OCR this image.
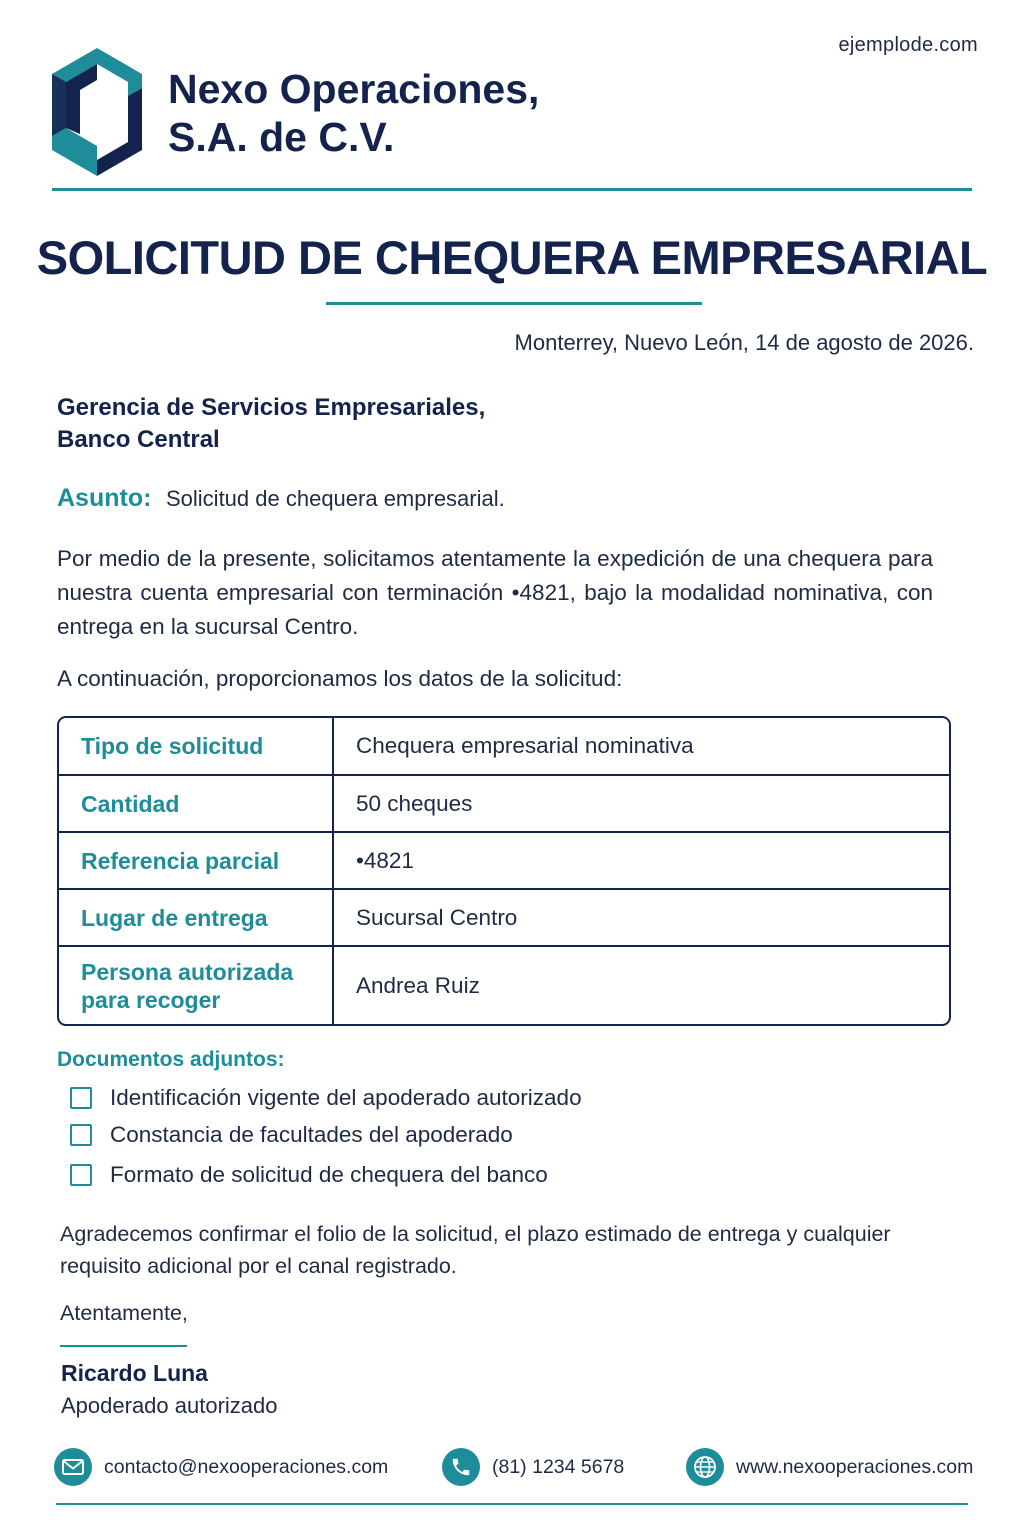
ejemplode.com
Nexo Operaciones,
S.A. de C.V.
SOLICITUD DE CHEQUERA EMPRESARIAL
Monterrey, Nuevo León, 14 de agosto de 2026.
Gerencia de Servicios Empresariales,
Banco Central
Asunto: Solicitud de chequera empresarial.
Por medio de la presente, solicitamos atentamente la expedición de una chequera para nuestra cuenta empresarial con terminación •4821, bajo la modalidad nominativa, con entrega en la sucursal Centro.
A continuación, proporcionamos los datos de la solicitud:
Tipo de solicitud	Chequera empresarial nominativa
Cantidad	50 cheques
Referencia parcial	•4821
Lugar de entrega	Sucursal Centro

Persona autorizada
para recoger	Andrea Ruiz
Documentos adjuntos:
Identificación vigente del apoderado autorizado
Constancia de facultades del apoderado
Formato de solicitud de chequera del banco
Agradecemos confirmar el folio de la solicitud, el plazo estimado de entrega y cualquier
requisito adicional por el canal registrado.
Atentamente,
Ricardo Luna
Apoderado autorizado
contacto@nexooperaciones.com	(81) 1234 5678	www.nexooperaciones.com
